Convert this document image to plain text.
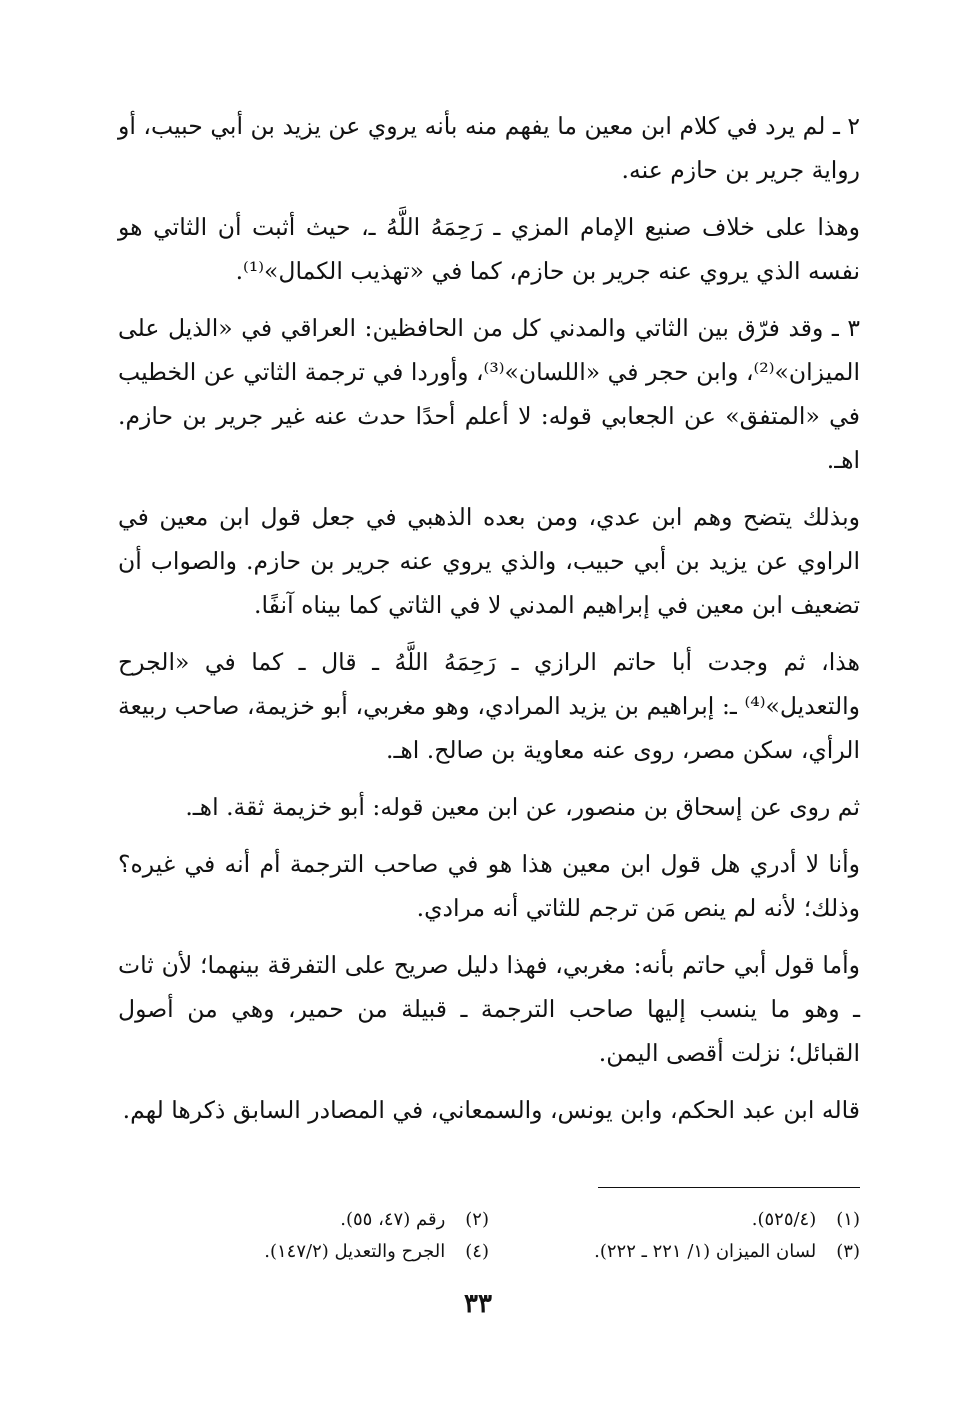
٢ ـ لم يرد في كلام ابن معين ما يفهم منه بأنه يروي عن يزيد بن أبي حبيب، أو رواية جرير بن حازم عنه.

وهذا على خلاف صنيع الإمام المزي ـ رَحِمَهُ اللَّهُ ـ، حيث أثبت أن الثاتي هو نفسه الذي يروي عنه جرير بن حازم، كما في «تهذيب الكمال»⁽¹⁾.

٣ ـ وقد فرّق بين الثاتي والمدني كل من الحافظين: العراقي في «الذيل على الميزان»⁽²⁾، وابن حجر في «اللسان»⁽³⁾، وأوردا في ترجمة الثاتي عن الخطيب في «المتفق» عن الجعابي قوله: لا أعلم أحدًا حدث عنه غير جرير بن حازم. اهـ.

وبذلك يتضح وهم ابن عدي، ومن بعده الذهبي في جعل قول ابن معين في الراوي عن يزيد بن أبي حبيب، والذي يروي عنه جرير بن حازم. والصواب أن تضعيف ابن معين في إبراهيم المدني لا في الثاتي كما بيناه آنفًا.

هذا، ثم وجدت أبا حاتم الرازي ـ رَحِمَهُ اللَّهُ ـ قال ـ كما في «الجرح والتعديل»⁽⁴⁾ ـ: إبراهيم بن يزيد المرادي، وهو مغربي، أبو خزيمة، صاحب ربيعة الرأي، سكن مصر، روى عنه معاوية بن صالح. اهـ.

ثم روى عن إسحاق بن منصور، عن ابن معين قوله: أبو خزيمة ثقة. اهـ.

وأنا لا أدري هل قول ابن معين هذا هو في صاحب الترجمة أم أنه في غيره؟ وذلك؛ لأنه لم ينص مَن ترجم للثاتي أنه مرادي.

وأما قول أبي حاتم بأنه: مغربي، فهذا دليل صريح على التفرقة بينهما؛ لأن ثات ـ وهو ما ينسب إليها صاحب الترجمة ـ قبيلة من حمير، وهي من أصول القبائل؛ نزلت أقصى اليمن.

قاله ابن عبد الحكم، وابن يونس، والسمعاني، في المصادر السابق ذكرها لهم.

(١) (٥٢٥/٤).
(٢) رقم (٤٧، ٥٥).
(٣) لسان الميزان (١/ ٢٢١ ـ ٢٢٢).
(٤) الجرح والتعديل (١٤٧/٢).
٣٣
